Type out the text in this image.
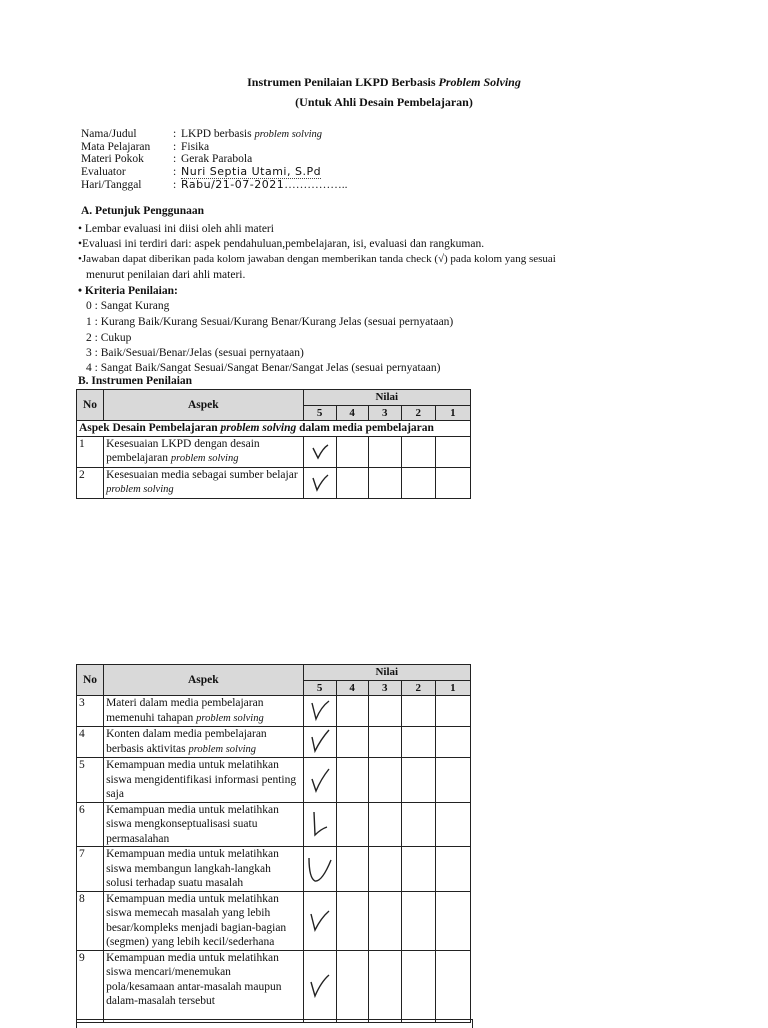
Instrumen Penilaian LKPD Berbasis Problem Solving
(Untuk Ahli Desain Pembelajaran)
Nama/Judul	: LKPD berbasis problem solving
Mata Pelajaran : Fisika
Materi Pokok	: Gerak Parabola
Evaluator	: Nuri Septia Utami, S.Pd
Hari/Tanggal	: Rabu/21-07-2021……………..
A. Petunjuk Penggunaan
• Lembar evaluasi ini diisi oleh ahli materi
•Evaluasi ini terdiri dari: aspek pendahuluan,pembelajaran, isi, evaluasi dan rangkuman.
•Jawaban dapat diberikan pada kolom jawaban dengan memberikan tanda check (√) pada kolom yang sesuai
menurut penilaian dari ahli materi.
• Kriteria Penilaian:
0 : Sangat Kurang
1 : Kurang Baik/Kurang Sesuai/Kurang Benar/Kurang Jelas (sesuai pernyataan)
2 : Cukup
3 : Baik/Sesuai/Benar/Jelas (sesuai pernyataan)
4 : Sangat Baik/Sangat Sesuai/Sangat Benar/Sangat Jelas (sesuai pernyataan)
B. Instrumen Penilaian
No	Aspek	Nilai				
		5	4	3	2	1
Aspek Desain Pembelajaran problem solving dalam media pembelajaran						
1	Kesesuaian LKPD dengan desain pembelajaran problem solving	

2	Kesesuaian media sebagai sumber belajar problem solving	

No	Aspek	Nilai				
		5	4	3	2	1
3	Materi dalam media pembelajaran memenuhi tahapan problem solving	

4	Konten dalam media pembelajaran berbasis aktivitas problem solving	

5	Kemampuan media untuk melatihkan siswa mengidentifikasi informasi penting saja	

6	Kemampuan media untuk melatihkan siswa mengkonseptualisasi suatu permasalahan	

7	Kemampuan media untuk melatihkan siswa membangun langkah-langkah solusi terhadap suatu masalah	

8	Kemampuan media untuk melatihkan siswa memecah masalah yang lebih besar/kompleks menjadi bagian-bagian (segmen) yang lebih kecil/sederhana	

9	Kemampuan media untuk melatihkan siswa mencari/menemukan pola/kesamaan antar-masalah maupun dalam-masalah tersebut	
